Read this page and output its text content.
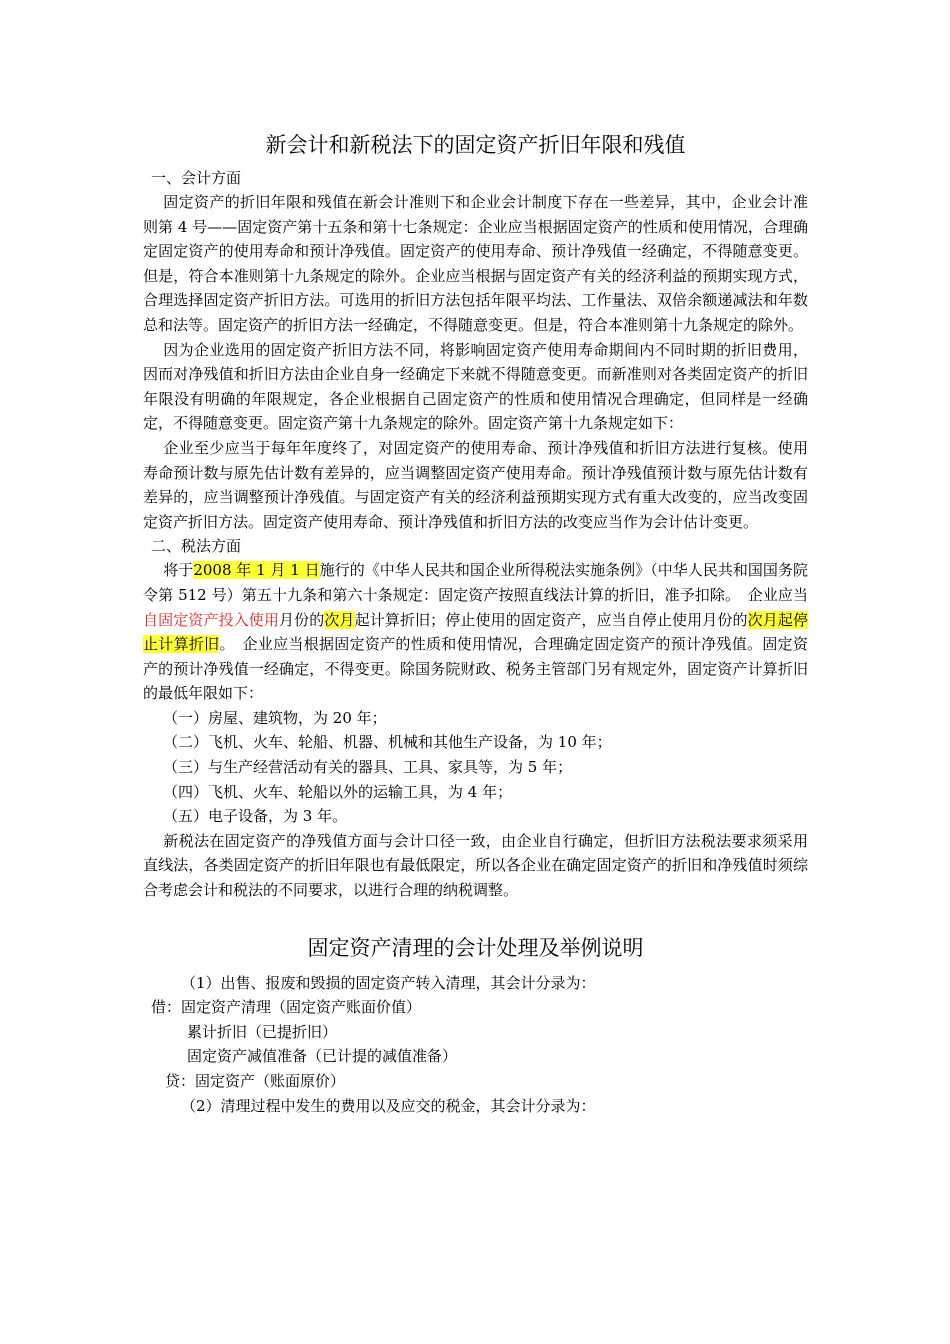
新会计和新税法下的固定资产折旧年限和残值

一、会计方面

固定资产的折旧年限和残值在新会计准则下和企业会计制度下存在一些差异，其中，企业会计准则第 4 号——固定资产第十五条和第十七条规定：企业应当根据固定资产的性质和使用情况，合理确定固定资产的使用寿命和预计净残值。固定资产的使用寿命、预计净残值一经确定，不得随意变更。但是，符合本准则第十九条规定的除外。企业应当根据与固定资产有关的经济利益的预期实现方式，合理选择固定资产折旧方法。可选用的折旧方法包括年限平均法、工作量法、双倍余额递减法和年数总和法等。固定资产的折旧方法一经确定，不得随意变更。但是，符合本准则第十九条规定的除外。

因为企业选用的固定资产折旧方法不同，将影响固定资产使用寿命期间内不同时期的折旧费用，因而对净残值和折旧方法由企业自身一经确定下来就不得随意变更。而新准则对各类固定资产的折旧年限没有明确的年限规定，各企业根据自己固定资产的性质和使用情况合理确定，但同样是一经确定，不得随意变更。固定资产第十九条规定的除外。固定资产第十九条规定如下：

企业至少应当于每年年度终了，对固定资产的使用寿命、预计净残值和折旧方法进行复核。使用寿命预计数与原先估计数有差异的，应当调整固定资产使用寿命。预计净残值预计数与原先估计数有差异的，应当调整预计净残值。与固定资产有关的经济利益预期实现方式有重大改变的，应当改变固定资产折旧方法。固定资产使用寿命、预计净残值和折旧方法的改变应当作为会计估计变更。

二、税法方面

将于2008 年 1 月 1 日施行的《中华人民共和国企业所得税法实施条例》（中华人民共和国国务院令第 512 号）第五十九条和第六十条规定：固定资产按照直线法计算的折旧，准予扣除。　企业应当自固定资产投入使用月份的次月起计算折旧；停止使用的固定资产，应当自停止使用月份的次月起停止计算折旧。　企业应当根据固定资产的性质和使用情况，合理确定固定资产的预计净残值。固定资产的预计净残值一经确定，不得变更。除国务院财政、税务主管部门另有规定外，固定资产计算折旧的最低年限如下：

（一）房屋、建筑物，为 20 年；

（二）飞机、火车、轮船、机器、机械和其他生产设备，为 10 年；

（三）与生产经营活动有关的器具、工具、家具等，为 5 年；

（四）飞机、火车、轮船以外的运输工具，为 4 年；

（五）电子设备，为 3 年。

新税法在固定资产的净残值方面与会计口径一致，由企业自行确定，但折旧方法税法要求须采用直线法，各类固定资产的折旧年限也有最低限定，所以各企业在确定固定资产的折旧和净残值时须综合考虑会计和税法的不同要求，以进行合理的纳税调整。

固定资产清理的会计处理及举例说明

（1）出售、报废和毁损的固定资产转入清理，其会计分录为：

借：固定资产清理（固定资产账面价值）

累计折旧（已提折旧）

固定资产减值准备（已计提的减值准备）

贷：固定资产（账面原价）

（2）清理过程中发生的费用以及应交的税金，其会计分录为：
